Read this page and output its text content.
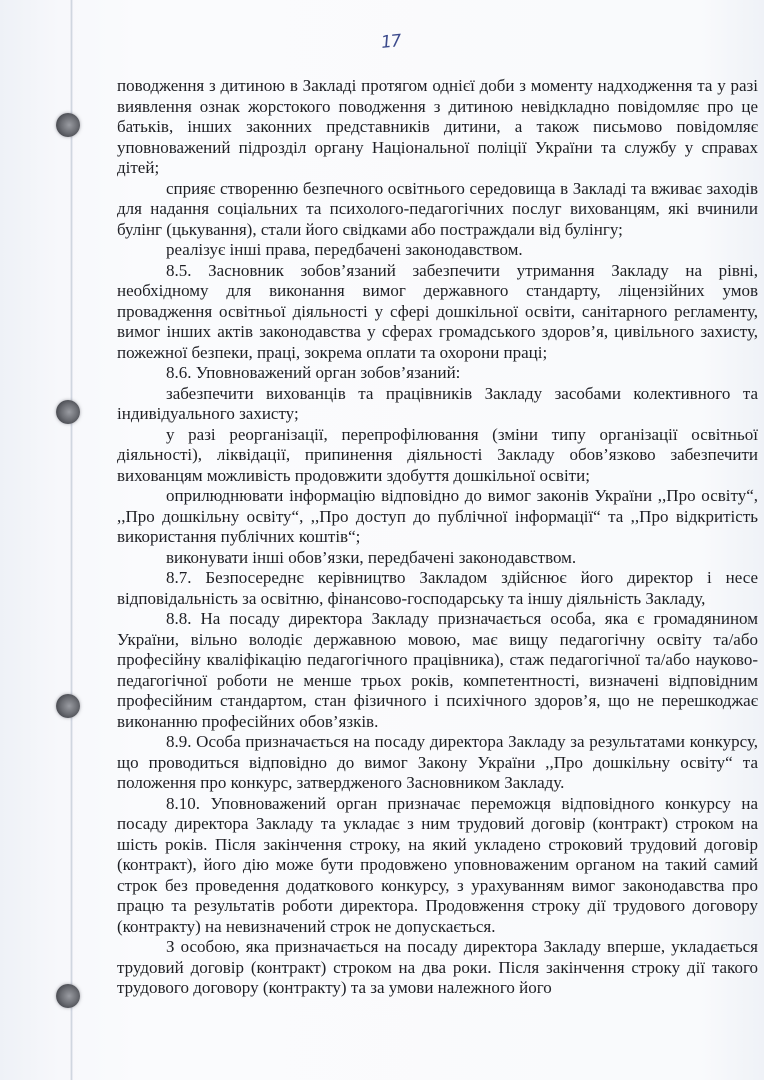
17

поводження з дитиною в Закладі протягом однієї доби з моменту надходження та у разі виявлення ознак жорстокого поводження з дитиною невідкладно повідомляє про це батьків, інших законних представників дитини, а також письмово повідомляє уповноважений підрозділ органу Національної поліції України та службу у справах дітей;

сприяє створенню безпечного освітнього середовища в Закладі та вживає заходів для надання соціальних та психолого-педагогічних послуг вихованцям, які вчинили булінг (цькування), стали його свідками або постраждали від булінгу;

реалізує інші права, передбачені законодавством.

8.5. Засновник зобов’язаний забезпечити утримання Закладу на рівні, необхідному для виконання вимог державного стандарту, ліцензійних умов провадження освітньої діяльності у сфері дошкільної освіти, санітарного регламенту, вимог інших актів законодавства у сферах громадського здоров’я, цивільного захисту, пожежної безпеки, праці, зокрема оплати та охорони праці;

8.6. Уповноважений орган зобов’язаний:

забезпечити вихованців та працівників Закладу засобами колективного та індивідуального захисту;

у разі реорганізації, перепрофілювання (зміни типу організації освітньої діяльності), ліквідації, припинення діяльності Закладу обов’язково забезпечити вихованцям можливість продовжити здобуття дошкільної освіти;

оприлюднювати інформацію відповідно до вимог законів України ,,Про освіту“, ,,Про дошкільну освіту“, ,,Про доступ до публічної інформації“ та ,,Про відкритість використання публічних коштів“;

виконувати інші обов’язки, передбачені законодавством.

8.7. Безпосереднє керівництво Закладом здійснює його директор і несе відповідальність за освітню, фінансово-господарську та іншу діяльність Закладу,

8.8. На посаду директора Закладу призначається особа, яка є громадянином України, вільно володіє державною мовою, має вищу педагогічну освіту та/або професійну кваліфікацію педагогічного працівника), стаж педагогічної та/або науково-педагогічної роботи не менше трьох років, компетентності, визначені відповідним професійним стандартом, стан фізичного і психічного здоров’я, що не перешкоджає виконанню професійних обов’язків.

8.9. Особа призначається на посаду директора Закладу за результатами конкурсу, що проводиться відповідно до вимог Закону України ,,Про дошкільну освіту“ та положення про конкурс, затвердженого Засновником Закладу.

8.10. Уповноважений орган призначає переможця відповідного конкурсу на посаду директора Закладу та укладає з ним трудовий договір (контракт) строком на шість років. Після закінчення строку, на який укладено строковий трудовий договір (контракт), його дію може бути продовжено уповноваженим органом на такий самий строк без проведення додаткового конкурсу, з урахуванням вимог законодавства про працю та результатів роботи директора. Продовження строку дії трудового договору (контракту) на невизначений строк не допускається.

З особою, яка призначається на посаду директора Закладу вперше, укладається трудовий договір (контракт) строком на два роки. Після закінчення строку дії такого трудового договору (контракту) та за умови належного його
